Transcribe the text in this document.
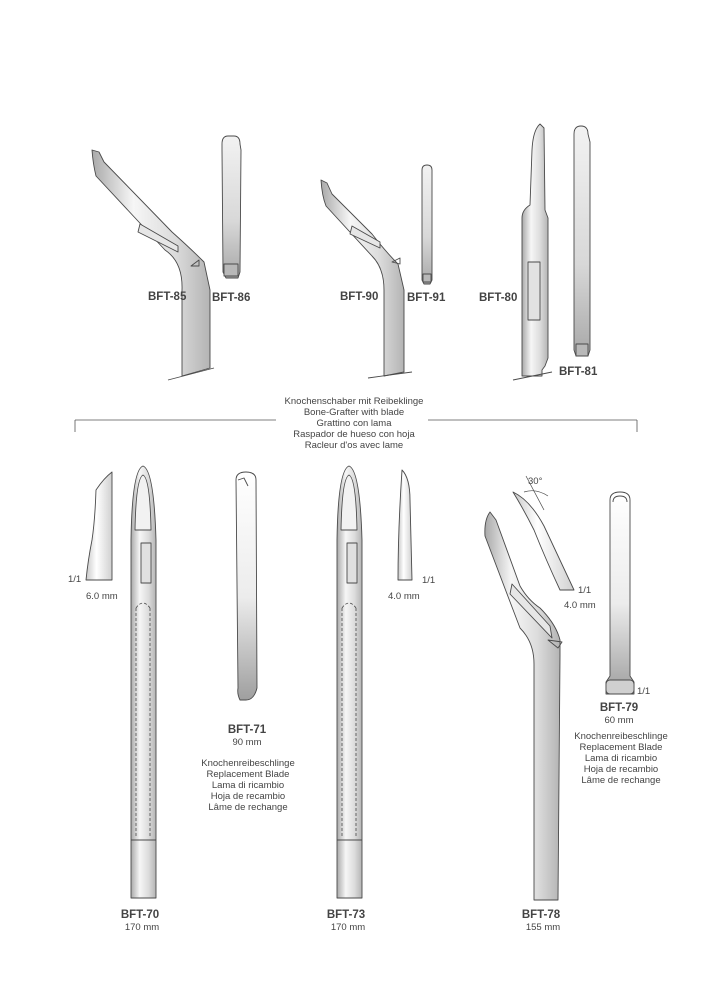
BFT-85 BFT-86	BFT-90 BFT-91	BFT-80
BFT-81
Knochenschaber mit Reibeklinge
Bone-Grafter with blade
Grattino con lama
Raspador de hueso con hoja
Racleur d'os avec lame
1/1
6.0 mm
1/1
4.0 mm
30°
1/1
4.0 mm
1/1
BFT-71
90 mm
Knochenreibeschlinge
Replacement Blade
Lama di ricambio
Hoja de recambio
Lâme de rechange
BFT-79
60 mm
Knochenreibeschlinge
Replacement Blade
Lama di ricambio
Hoja de recambio
Lâme de rechange
BFT-70
170 mm
BFT-73
170 mm
BFT-78
155 mm
